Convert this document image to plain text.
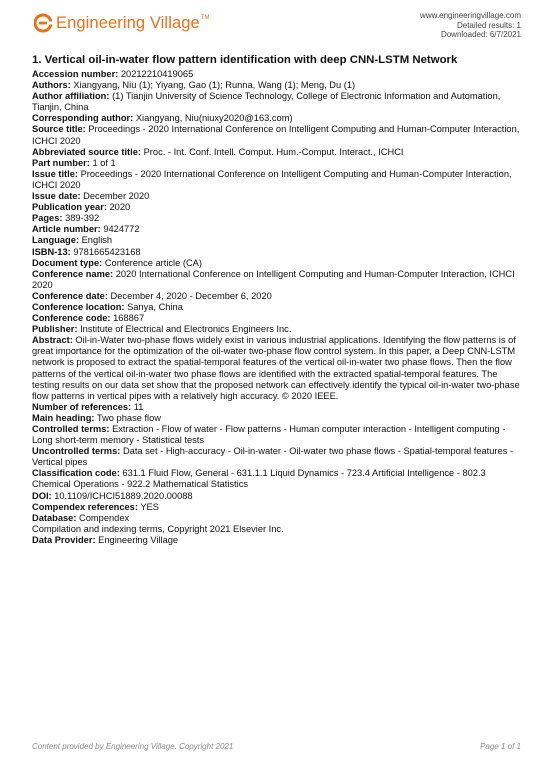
Engineering Village™	www.engineeringvillage.com
Detailed results: 1
Downloaded: 6/7/2021
1. Vertical oil-in-water flow pattern identification with deep CNN-LSTM Network
Accession number: 20212210419065
Authors: Xiangyang, Niu (1); Yiyang, Gao (1); Runna, Wang (1); Meng, Du (1)
Author affiliation: (1) Tianjin University of Science Technology, College of Electronic Information and Automation, Tianjin, China
Corresponding author: Xiangyang, Niu(niuxy2020@163.com)
Source title: Proceedings - 2020 International Conference on Intelligent Computing and Human-Computer Interaction, ICHCI 2020
Abbreviated source title: Proc. - Int. Conf. Intell. Comput. Hum.-Comput. Interact., ICHCI
Part number: 1 of 1
Issue title: Proceedings - 2020 International Conference on Intelligent Computing and Human-Computer Interaction, ICHCI 2020
Issue date: December 2020
Publication year: 2020
Pages: 389-392
Article number: 9424772
Language: English
ISBN-13: 9781665423168
Document type: Conference article (CA)
Conference name: 2020 International Conference on Intelligent Computing and Human-Computer Interaction, ICHCI 2020
Conference date: December 4, 2020 - December 6, 2020
Conference location: Sanya, China
Conference code: 168867
Publisher: Institute of Electrical and Electronics Engineers Inc.
Abstract: Oil-in-Water two-phase flows widely exist in various industrial applications. Identifying the flow patterns is of great importance for the optimization of the oil-water two-phase flow control system. In this paper, a Deep CNN-LSTM network is proposed to extract the spatial-temporal features of the vertical oil-in-water two phase flows. Then the flow patterns of the vertical oil-in-water two phase flows are identified with the extracted spatial-temporal features. The testing results on our data set show that the proposed network can effectively identify the typical oil-in-water two-phase flow patterns in vertical pipes with a relatively high accuracy. © 2020 IEEE.
Number of references: 11
Main heading: Two phase flow
Controlled terms: Extraction - Flow of water - Flow patterns - Human computer interaction - Intelligent computing - Long short-term memory - Statistical tests
Uncontrolled terms: Data set - High-accuracy - Oil-in-water - Oil-water two phase flows - Spatial-temporal features - Vertical pipes
Classification code: 631.1 Fluid Flow, General - 631.1.1 Liquid Dynamics - 723.4 Artificial Intelligence - 802.3 Chemical Operations - 922.2 Mathematical Statistics
DOI: 10.1109/ICHCI51889.2020.00088
Compendex references: YES
Database: Compendex
Compilation and indexing terms, Copyright 2021 Elsevier Inc.
Data Provider: Engineering Village
Content provided by Engineering Village. Copyright 2021	Page 1 of 1
